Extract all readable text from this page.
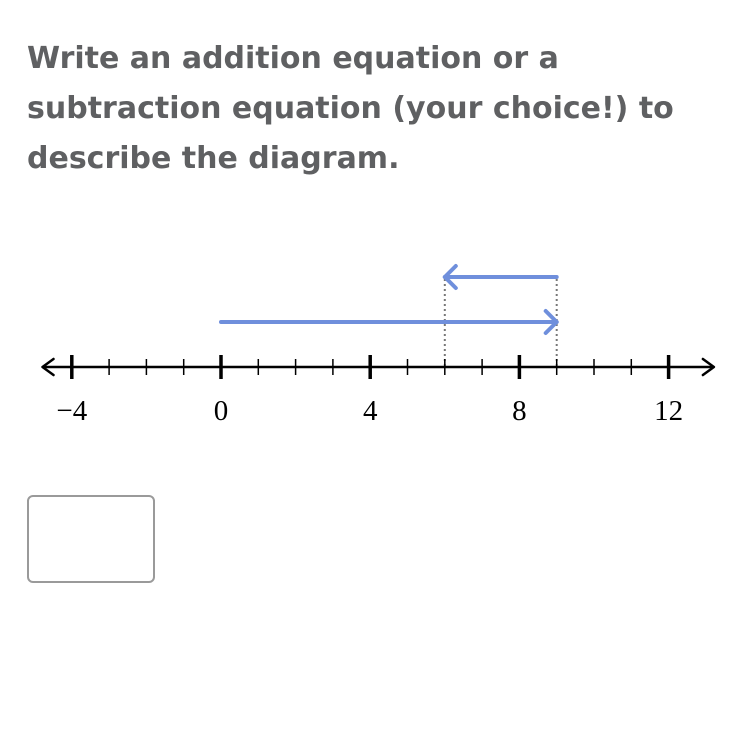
Write an addition equation or a
subtraction equation (your choice!) to
describe the diagram.
−4	0	4	8	12
